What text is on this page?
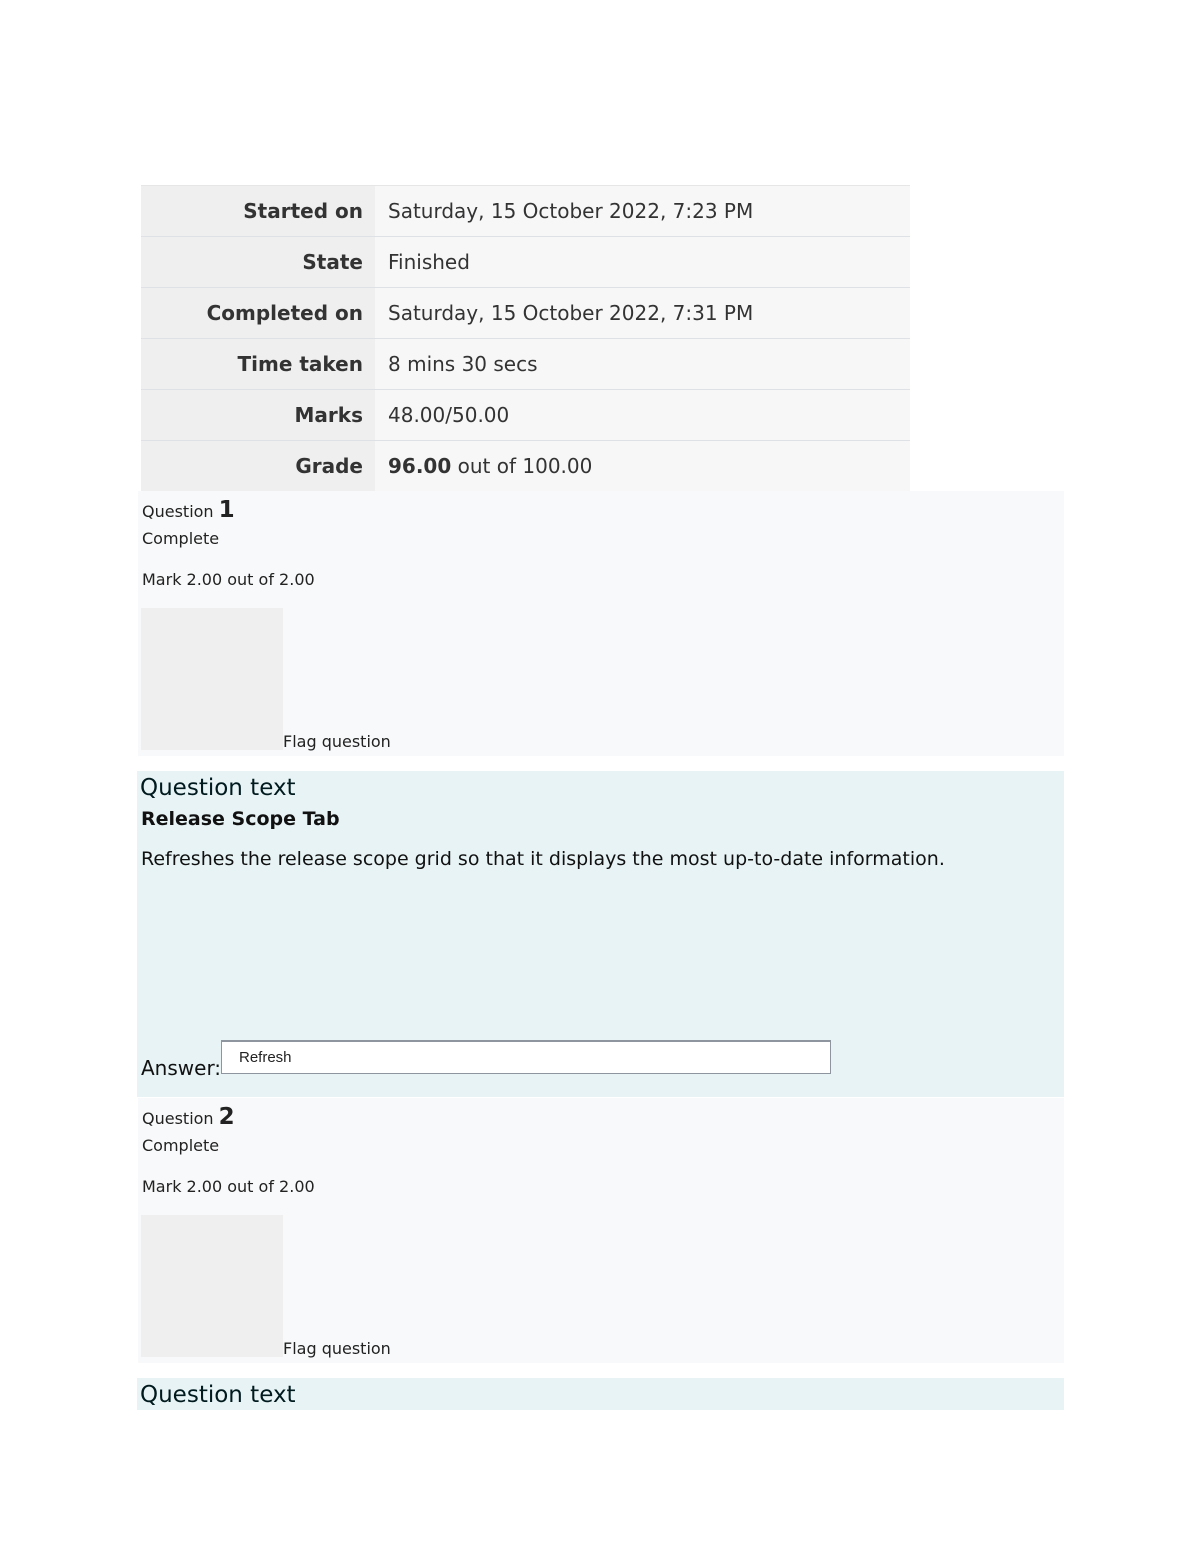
Started on	Saturday, 15 October 2022, 7:23 PM
State	Finished
Completed on	Saturday, 15 October 2022, 7:31 PM
Time taken	8 mins 30 secs
Marks	48.00/50.00
Grade	96.00 out of 100.00
Question 1
Complete
Mark 2.00 out of 2.00
Flag question
Question text
Release Scope Tab
Refreshes the release scope grid so that it displays the most up-to-date information.
Answer:
Refresh
Question 2
Complete
Mark 2.00 out of 2.00
Flag question
Question text
